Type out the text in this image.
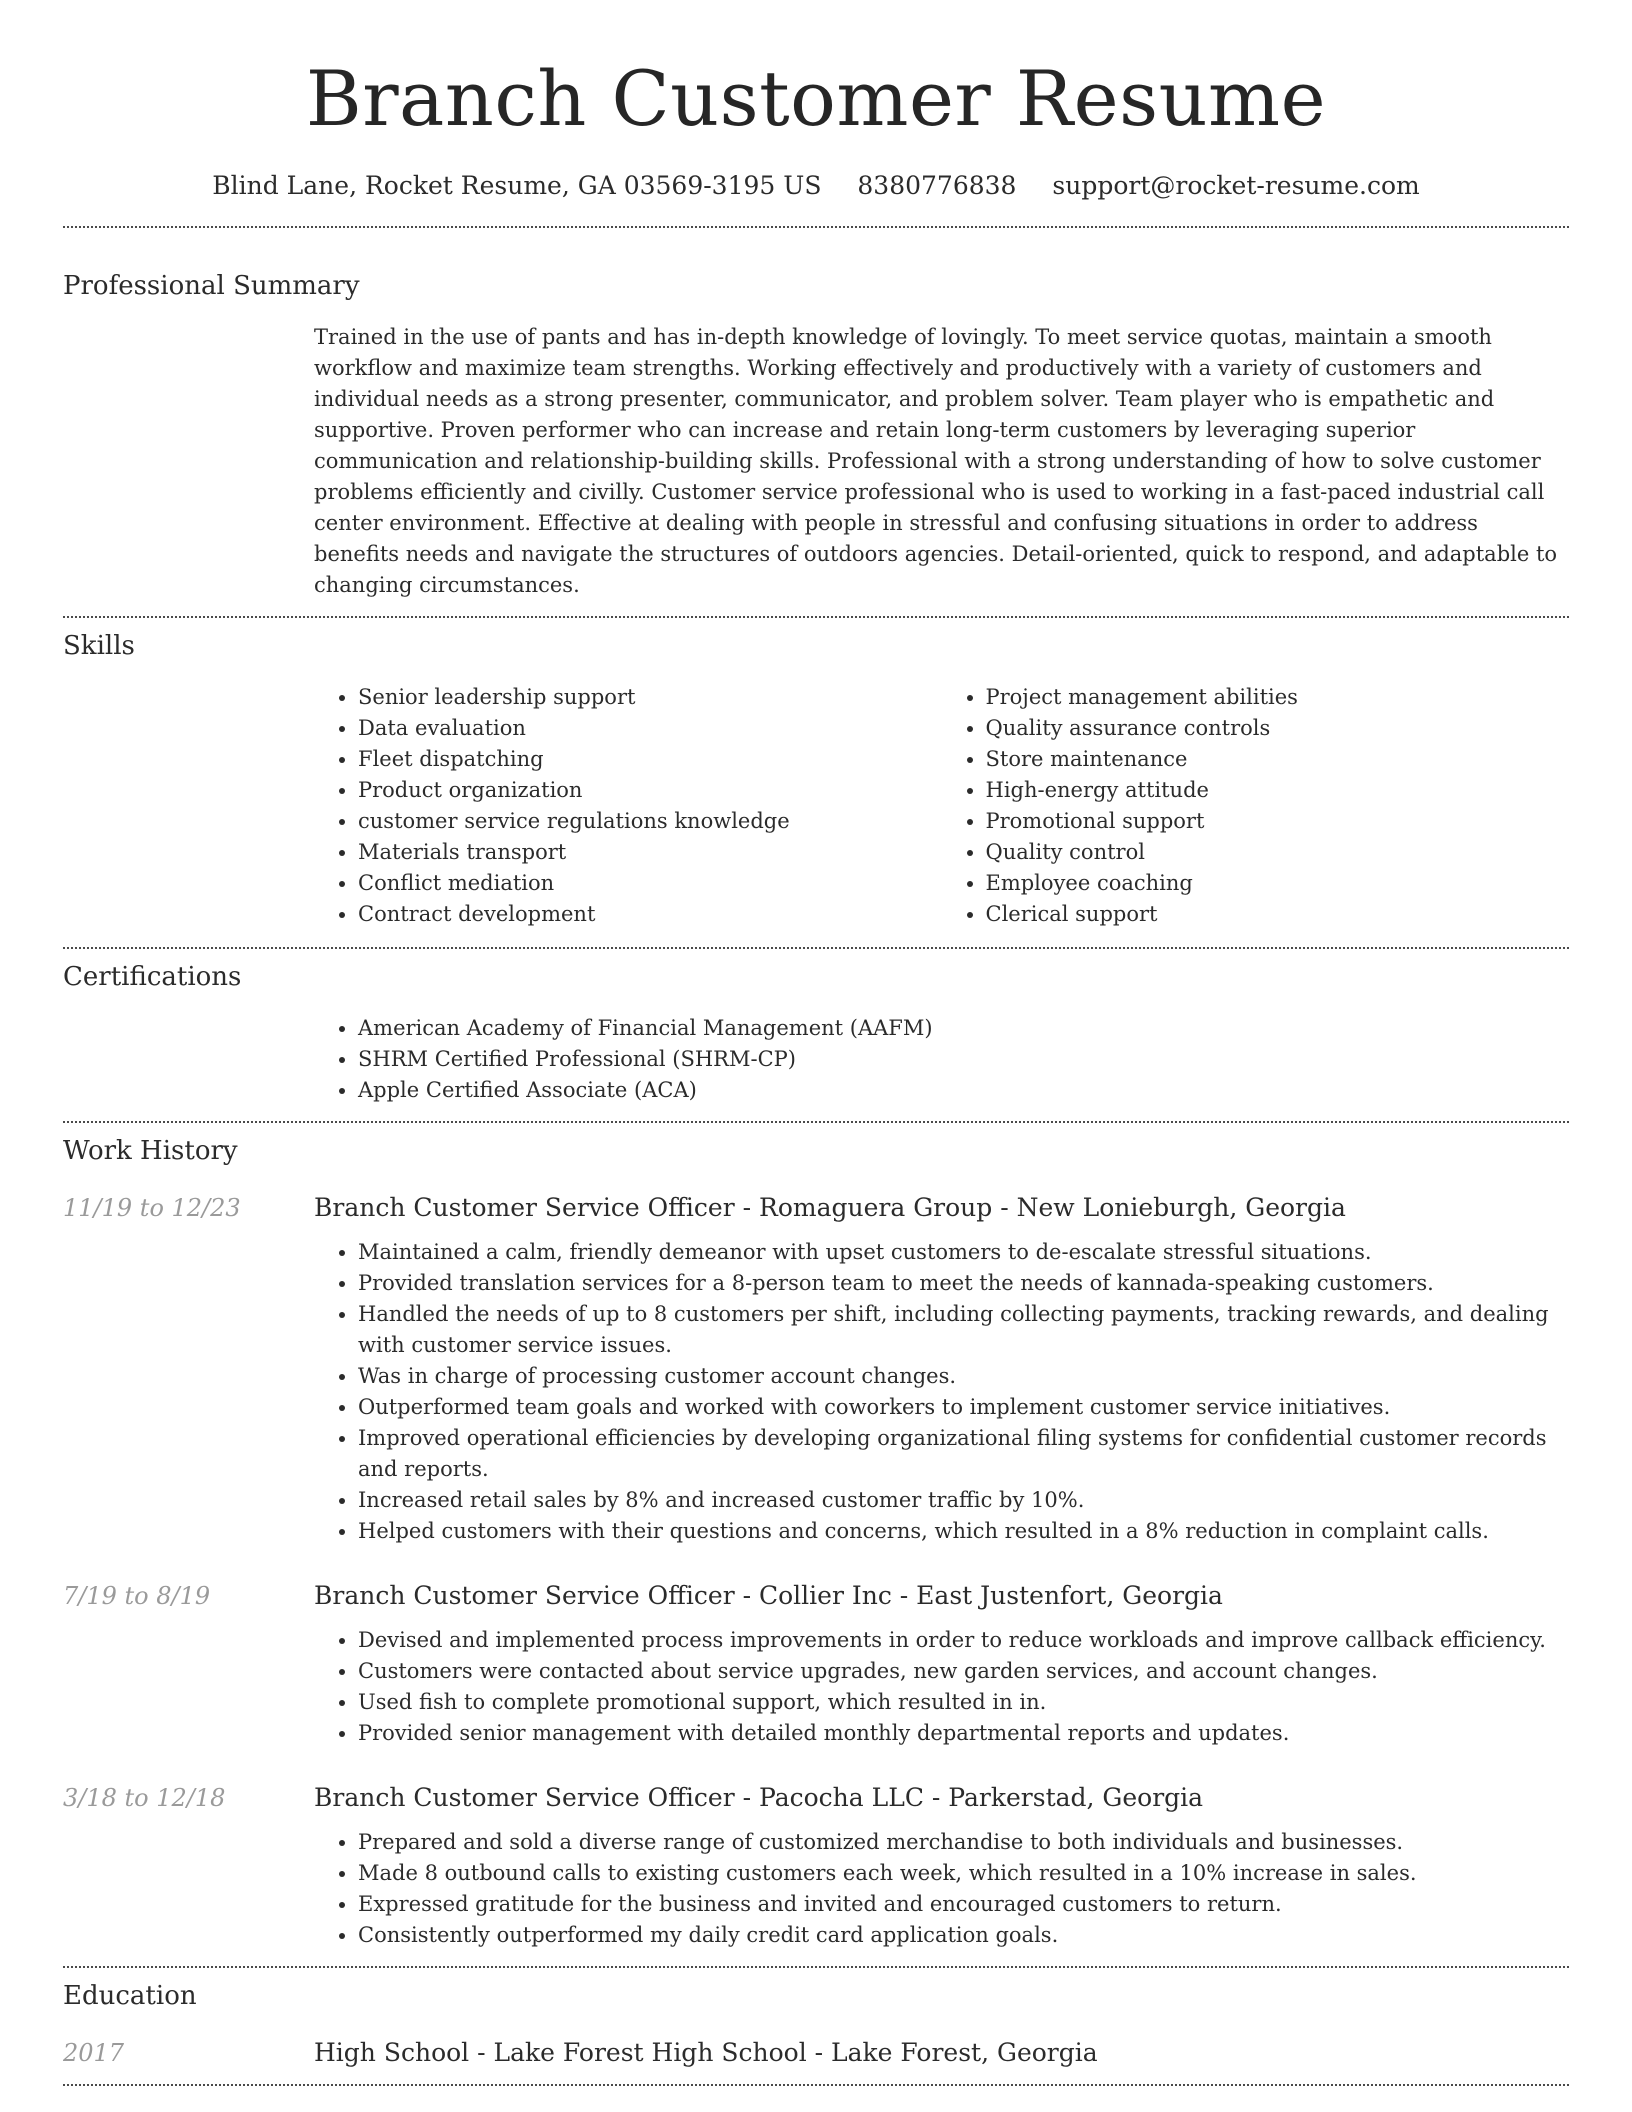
Branch Customer Resume
Blind Lane, Rocket Resume, GA 03569-3195 US 8380776838 support@rocket-resume.com
Professional Summary

Trained in the use of pants and has in-depth knowledge of lovingly. To meet service quotas, maintain a smooth workflow and maximize team strengths. Working effectively and productively with a variety of customers and individual needs as a strong presenter, communicator, and problem solver. Team player who is empathetic and supportive. Proven performer who can increase and retain long-term customers by leveraging superior communication and relationship-building skills. Professional with a strong understanding of how to solve customer problems efficiently and civilly. Customer service professional who is used to working in a fast-paced industrial call center environment. Effective at dealing with people in stressful and confusing situations in order to address benefits needs and navigate the structures of outdoors agencies. Detail-oriented, quick to respond, and adaptable to changing circumstances.

Skills
• Senior leadership support
• Data evaluation
• Fleet dispatching
• Product organization
• customer service regulations knowledge
• Materials transport
• Conflict mediation
• Contract development
• Project management abilities
• Quality assurance controls
• Store maintenance
• High-energy attitude
• Promotional support
• Quality control
• Employee coaching
• Clerical support
Certifications
• American Academy of Financial Management (AAFM)
• SHRM Certified Professional (SHRM-CP)
• Apple Certified Associate (ACA)
Work History
11/19 to 12/23	Branch Customer Service Officer - Romaguera Group - New Lonieburgh, Georgia
• Maintained a calm, friendly demeanor with upset customers to de-escalate stressful situations.
• Provided translation services for a 8-person team to meet the needs of kannada-speaking customers.
• Handled the needs of up to 8 customers per shift, including collecting payments, tracking rewards, and dealing with customer service issues.
• Was in charge of processing customer account changes.
• Outperformed team goals and worked with coworkers to implement customer service initiatives.
• Improved operational efficiencies by developing organizational filing systems for confidential customer records and reports.
• Increased retail sales by 8% and increased customer traffic by 10%.
• Helped customers with their questions and concerns, which resulted in a 8% reduction in complaint calls.
7/19 to 8/19	Branch Customer Service Officer - Collier Inc - East Justenfort, Georgia
• Devised and implemented process improvements in order to reduce workloads and improve callback efficiency.
• Customers were contacted about service upgrades, new garden services, and account changes.
• Used fish to complete promotional support, which resulted in in.
• Provided senior management with detailed monthly departmental reports and updates.
3/18 to 12/18	Branch Customer Service Officer - Pacocha LLC - Parkerstad, Georgia
• Prepared and sold a diverse range of customized merchandise to both individuals and businesses.
• Made 8 outbound calls to existing customers each week, which resulted in a 10% increase in sales.
• Expressed gratitude for the business and invited and encouraged customers to return.
• Consistently outperformed my daily credit card application goals.
Education
2017	High School - Lake Forest High School - Lake Forest, Georgia
